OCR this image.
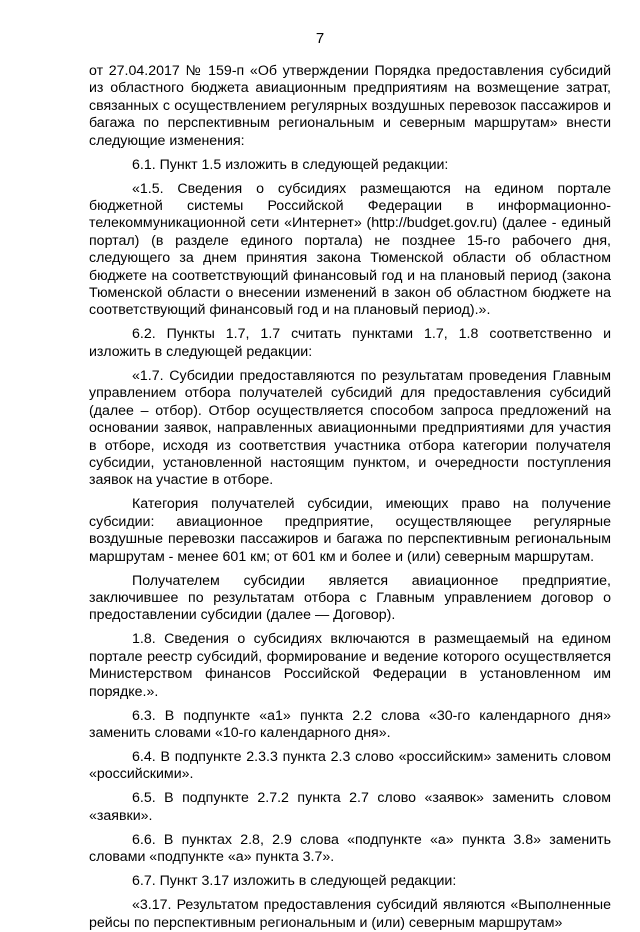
7

от 27.04.2017 № 159-п «Об утверждении Порядка предоставления субсидий из областного бюджета авиационным предприятиям на возмещение затрат, связанных с осуществлением регулярных воздушных перевозок пассажиров и багажа по перспективным региональным и северным маршрутам» внести следующие изменения:

6.1. Пункт 1.5 изложить в следующей редакции:

«1.5. Сведения о субсидиях размещаются на едином портале бюджетной системы Российской Федерации в информационно-телекоммуникационной сети «Интернет» (http://budget.gov.ru) (далее - единый портал) (в разделе единого портала) не позднее 15-го рабочего дня, следующего за днем принятия закона Тюменской области об областном бюджете на соответствующий финансовый год и на плановый период (закона Тюменской области о внесении изменений в закон об областном бюджете на соответствующий финансовый год и на плановый период).».

6.2. Пункты 1.7, 1.7 считать пунктами 1.7, 1.8 соответственно и изложить в следующей редакции:

«1.7. Субсидии предоставляются по результатам проведения Главным управлением отбора получателей субсидий для предоставления субсидий (далее – отбор). Отбор осуществляется способом запроса предложений на основании заявок, направленных авиационными предприятиями для участия в отборе, исходя из соответствия участника отбора категории получателя субсидии, установленной настоящим пунктом, и очередности поступления заявок на участие в отборе.

Категория получателей субсидии, имеющих право на получение субсидии: авиационное предприятие, осуществляющее регулярные воздушные перевозки пассажиров и багажа по перспективным региональным маршрутам - менее 601 км; от 601 км и более и (или) северным маршрутам.

Получателем субсидии является авиационное предприятие, заключившее по результатам отбора с Главным управлением договор о предоставлении субсидии (далее — Договор).

1.8. Сведения о субсидиях включаются в размещаемый на едином портале реестр субсидий, формирование и ведение которого осуществляется Министерством финансов Российской Федерации в установленном им порядке.».

6.3. В подпункте «а1» пункта 2.2 слова «30-го календарного дня» заменить словами «10-го календарного дня».

6.4. В подпункте 2.3.3 пункта 2.3 слово «российским» заменить словом «российскими».

6.5. В подпункте 2.7.2 пункта 2.7 слово «заявок» заменить словом «заявки».

6.6. В пунктах 2.8, 2.9 слова «подпункте «а» пункта 3.8» заменить словами «подпункте «а» пункта 3.7».

6.7. Пункт 3.17 изложить в следующей редакции:

«3.17. Результатом предоставления субсидий являются «Выполненные рейсы по перспективным региональным и (или) северным маршрутам»
